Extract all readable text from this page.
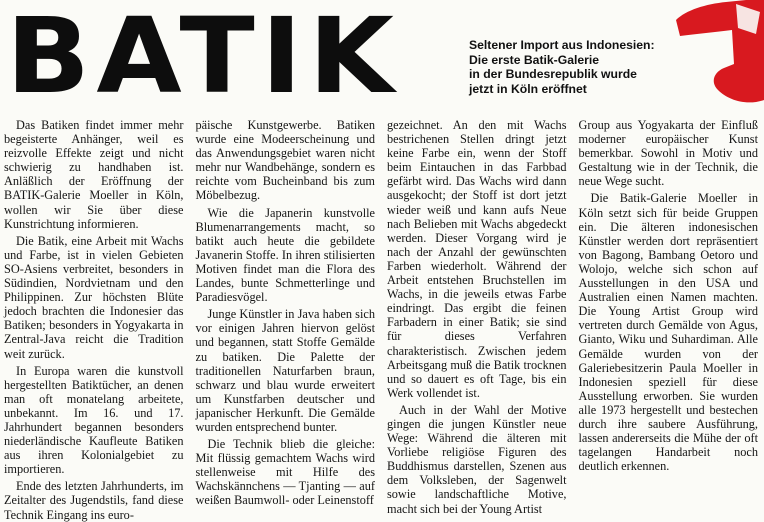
BATIK	Seltener Import aus Indonesien:
Die erste Batik-Galerie
in der Bundesrepublik wurde
jetzt in Köln eröffnet

Das Batiken findet immer mehr begeisterte Anhänger, weil es reizvolle Effekte zeigt und nicht schwierig zu handhaben ist. Anläßlich der Eröffnung der BATIK-Galerie Moeller in Köln, wollen wir Sie über diese Kunstrichtung informieren.

Die Batik, eine Arbeit mit Wachs und Farbe, ist in vielen Gebieten SO-Asiens verbreitet, besonders in Südindien, Nordvietnam und den Philippinen. Zur höchsten Blüte jedoch brachten die Indonesier das Batiken; besonders in Yogyakarta in Zentral-Java reicht die Tradition weit zurück.

In Europa waren die kunstvoll hergestellten Batiktücher, an denen man oft monatelang arbeitete, unbekannt. Im 16. und 17. Jahrhundert begannen besonders niederländische Kaufleute Batiken aus ihren Kolonialgebiet zu importieren.

Ende des letzten Jahrhunderts, im Zeitalter des Jugendstils, fand diese Technik Eingang ins euro-

päische Kunstgewerbe. Batiken wurde eine Modeerscheinung und das Anwendungsgebiet waren nicht mehr nur Wandbehänge, sondern es reichte vom Bucheinband bis zum Möbelbezug.

Wie die Japanerin kunstvolle Blumenarrangements macht, so batikt auch heute die gebildete Javanerin Stoffe. In ihren stilisierten Motiven findet man die Flora des Landes, bunte Schmetterlinge und Paradiesvögel.

Junge Künstler in Java haben sich vor einigen Jahren hiervon gelöst und begannen, statt Stoffe Gemälde zu batiken. Die Palette der traditionellen Naturfarben braun, schwarz und blau wurde erweitert um Kunstfarben deutscher und japanischer Herkunft. Die Gemälde wurden entsprechend bunter.

Die Technik blieb die gleiche: Mit flüssig gemachtem Wachs wird stellenweise mit Hilfe des Wachskännchens — Tjanting — auf weißen Baumwoll- oder Leinenstoff

gezeichnet. An den mit Wachs bestrichenen Stellen dringt jetzt keine Farbe ein, wenn der Stoff beim Eintauchen in das Farbbad gefärbt wird. Das Wachs wird dann ausgekocht; der Stoff ist dort jetzt wieder weiß und kann aufs Neue nach Belieben mit Wachs abgedeckt werden. Dieser Vorgang wird je nach der Anzahl der gewünschten Farben wiederholt. Während der Arbeit entstehen Bruchstellen im Wachs, in die jeweils etwas Farbe eindringt. Das ergibt die feinen Farbadern in einer Batik; sie sind für dieses Verfahren charakteristisch. Zwischen jedem Arbeitsgang muß die Batik trocknen und so dauert es oft Tage, bis ein Werk vollendet ist.

Auch in der Wahl der Motive gingen die jungen Künstler neue Wege: Während die älteren mit Vorliebe religiöse Figuren des Buddhismus darstellen, Szenen aus dem Volksleben, der Sagenwelt sowie landschaftliche Motive, macht sich bei der Young Artist

Group aus Yogyakarta der Einfluß moderner europäischer Kunst bemerkbar. Sowohl in Motiv und Gestaltung wie in der Technik, die neue Wege sucht.

Die Batik-Galerie Moeller in Köln setzt sich für beide Gruppen ein. Die älteren indonesischen Künstler werden dort repräsentiert von Bagong, Bambang Oetoro und Wolojo, welche sich schon auf Ausstellungen in den USA und Australien einen Namen machten. Die Young Artist Group wird vertreten durch Gemälde von Agus, Gianto, Wiku und Suhardiman. Alle Gemälde wurden von der Galeriebesitzerin Paula Moeller in Indonesien speziell für diese Ausstellung erworben. Sie wurden alle 1973 hergestellt und bestechen durch ihre saubere Ausführung, lassen andererseits die Mühe der oft tagelangen Handarbeit noch deutlich erkennen.
